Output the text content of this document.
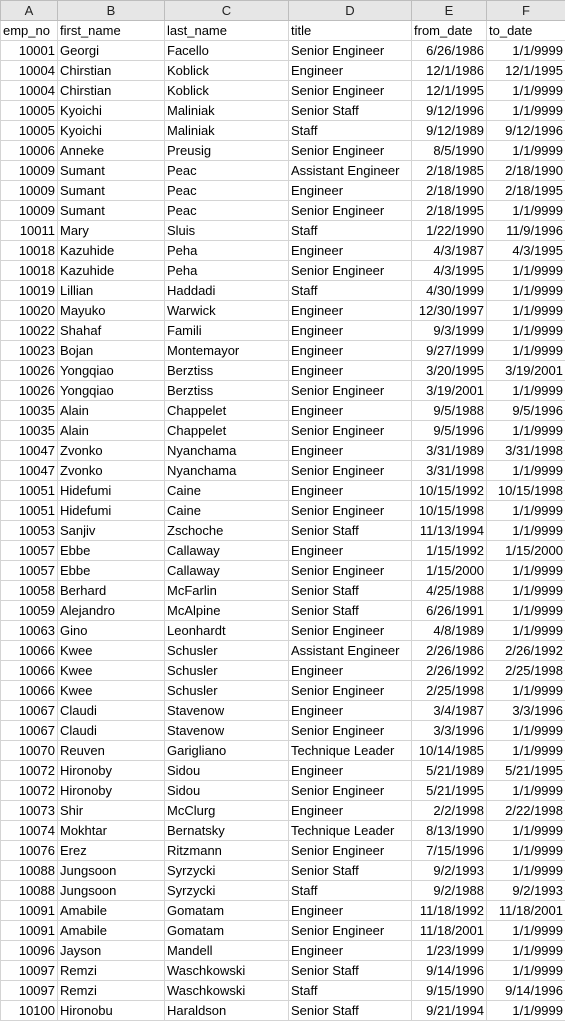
A	B	C	D	E	F
emp_no	first_name	last_name	title	from_date	to_date
10001	Georgi	Facello	Senior Engineer	6/26/1986	1/1/9999
10004	Chirstian	Koblick	Engineer	12/1/1986	12/1/1995
10004	Chirstian	Koblick	Senior Engineer	12/1/1995	1/1/9999
10005	Kyoichi	Maliniak	Senior Staff	9/12/1996	1/1/9999
10005	Kyoichi	Maliniak	Staff	9/12/1989	9/12/1996
10006	Anneke	Preusig	Senior Engineer	8/5/1990	1/1/9999
10009	Sumant	Peac	Assistant Engineer	2/18/1985	2/18/1990
10009	Sumant	Peac	Engineer	2/18/1990	2/18/1995
10009	Sumant	Peac	Senior Engineer	2/18/1995	1/1/9999
10011	Mary	Sluis	Staff	1/22/1990	11/9/1996
10018	Kazuhide	Peha	Engineer	4/3/1987	4/3/1995
10018	Kazuhide	Peha	Senior Engineer	4/3/1995	1/1/9999
10019	Lillian	Haddadi	Staff	4/30/1999	1/1/9999
10020	Mayuko	Warwick	Engineer	12/30/1997	1/1/9999
10022	Shahaf	Famili	Engineer	9/3/1999	1/1/9999
10023	Bojan	Montemayor	Engineer	9/27/1999	1/1/9999
10026	Yongqiao	Berztiss	Engineer	3/20/1995	3/19/2001
10026	Yongqiao	Berztiss	Senior Engineer	3/19/2001	1/1/9999
10035	Alain	Chappelet	Engineer	9/5/1988	9/5/1996
10035	Alain	Chappelet	Senior Engineer	9/5/1996	1/1/9999
10047	Zvonko	Nyanchama	Engineer	3/31/1989	3/31/1998
10047	Zvonko	Nyanchama	Senior Engineer	3/31/1998	1/1/9999
10051	Hidefumi	Caine	Engineer	10/15/1992	10/15/1998
10051	Hidefumi	Caine	Senior Engineer	10/15/1998	1/1/9999
10053	Sanjiv	Zschoche	Senior Staff	11/13/1994	1/1/9999
10057	Ebbe	Callaway	Engineer	1/15/1992	1/15/2000
10057	Ebbe	Callaway	Senior Engineer	1/15/2000	1/1/9999
10058	Berhard	McFarlin	Senior Staff	4/25/1988	1/1/9999
10059	Alejandro	McAlpine	Senior Staff	6/26/1991	1/1/9999
10063	Gino	Leonhardt	Senior Engineer	4/8/1989	1/1/9999
10066	Kwee	Schusler	Assistant Engineer	2/26/1986	2/26/1992
10066	Kwee	Schusler	Engineer	2/26/1992	2/25/1998
10066	Kwee	Schusler	Senior Engineer	2/25/1998	1/1/9999
10067	Claudi	Stavenow	Engineer	3/4/1987	3/3/1996
10067	Claudi	Stavenow	Senior Engineer	3/3/1996	1/1/9999
10070	Reuven	Garigliano	Technique Leader	10/14/1985	1/1/9999
10072	Hironoby	Sidou	Engineer	5/21/1989	5/21/1995
10072	Hironoby	Sidou	Senior Engineer	5/21/1995	1/1/9999
10073	Shir	McClurg	Engineer	2/2/1998	2/22/1998
10074	Mokhtar	Bernatsky	Technique Leader	8/13/1990	1/1/9999
10076	Erez	Ritzmann	Senior Engineer	7/15/1996	1/1/9999
10088	Jungsoon	Syrzycki	Senior Staff	9/2/1993	1/1/9999
10088	Jungsoon	Syrzycki	Staff	9/2/1988	9/2/1993
10091	Amabile	Gomatam	Engineer	11/18/1992	11/18/2001
10091	Amabile	Gomatam	Senior Engineer	11/18/2001	1/1/9999
10096	Jayson	Mandell	Engineer	1/23/1999	1/1/9999
10097	Remzi	Waschkowski	Senior Staff	9/14/1996	1/1/9999
10097	Remzi	Waschkowski	Staff	9/15/1990	9/14/1996
10100	Hironobu	Haraldson	Senior Staff	9/21/1994	1/1/9999
